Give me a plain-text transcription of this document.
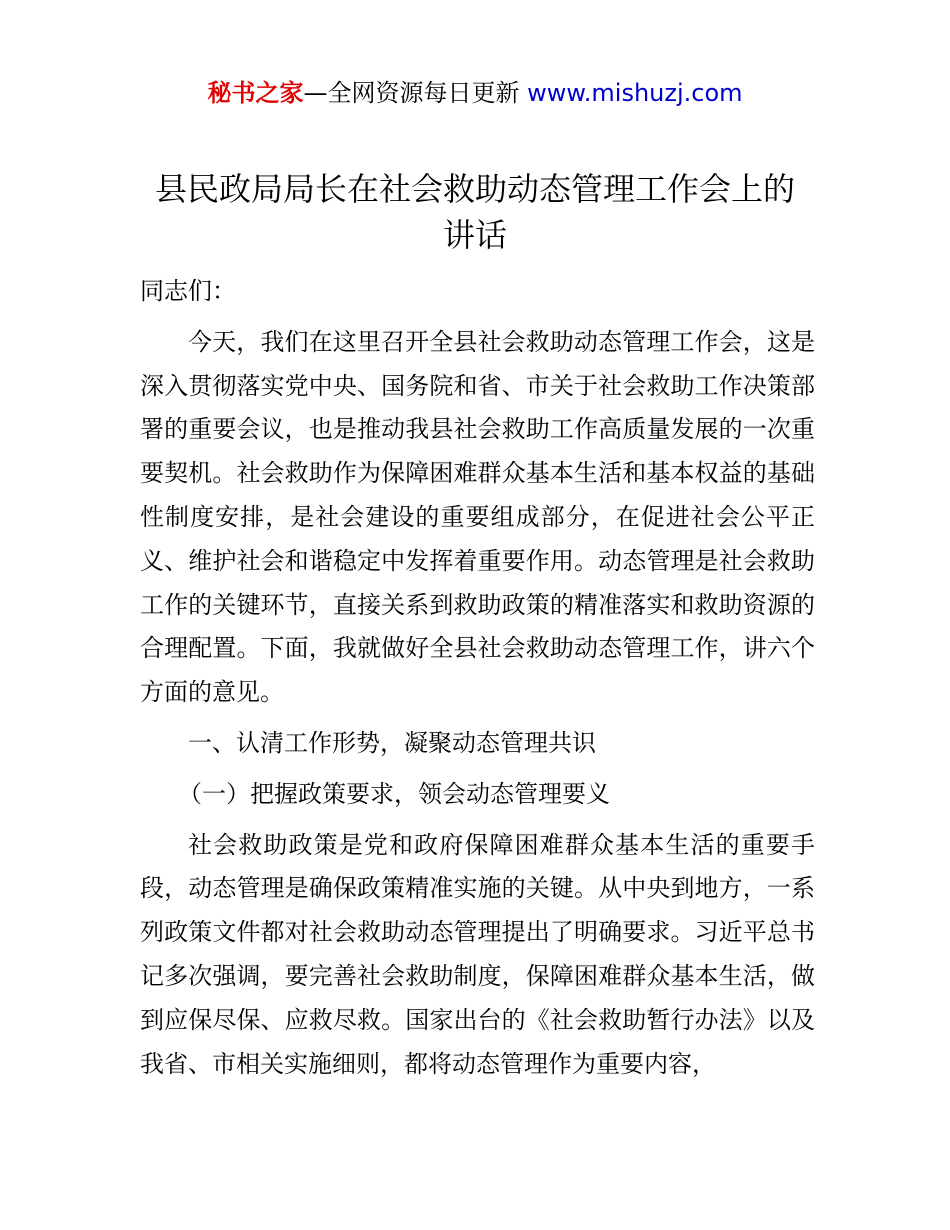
秘书之家—全网资源每日更新 www.mishuzj.com
县民政局局长在社会救助动态管理工作会上的
讲话

同志们：

今天，我们在这里召开全县社会救助动态管理工作会，这是深入贯彻落实党中央、国务院和省、市关于社会救助工作决策部署的重要会议，也是推动我县社会救助工作高质量发展的一次重要契机。社会救助作为保障困难群众基本生活和基本权益的基础性制度安排，是社会建设的重要组成部分，在促进社会公平正义、维护社会和谐稳定中发挥着重要作用。动态管理是社会救助工作的关键环节，直接关系到救助政策的精准落实和救助资源的合理配置。下面，我就做好全县社会救助动态管理工作，讲六个方面的意见。

一、认清工作形势，凝聚动态管理共识

（一）把握政策要求，领会动态管理要义

社会救助政策是党和政府保障困难群众基本生活的重要手段，动态管理是确保政策精准实施的关键。从中央到地方，一系列政策文件都对社会救助动态管理提出了明确要求。习近平总书记多次强调，要完善社会救助制度，保障困难群众基本生活，做到应保尽保、应救尽救。国家出台的《社会救助暂行办法》以及我省、市相关实施细则，都将动态管理作为重要内容，
